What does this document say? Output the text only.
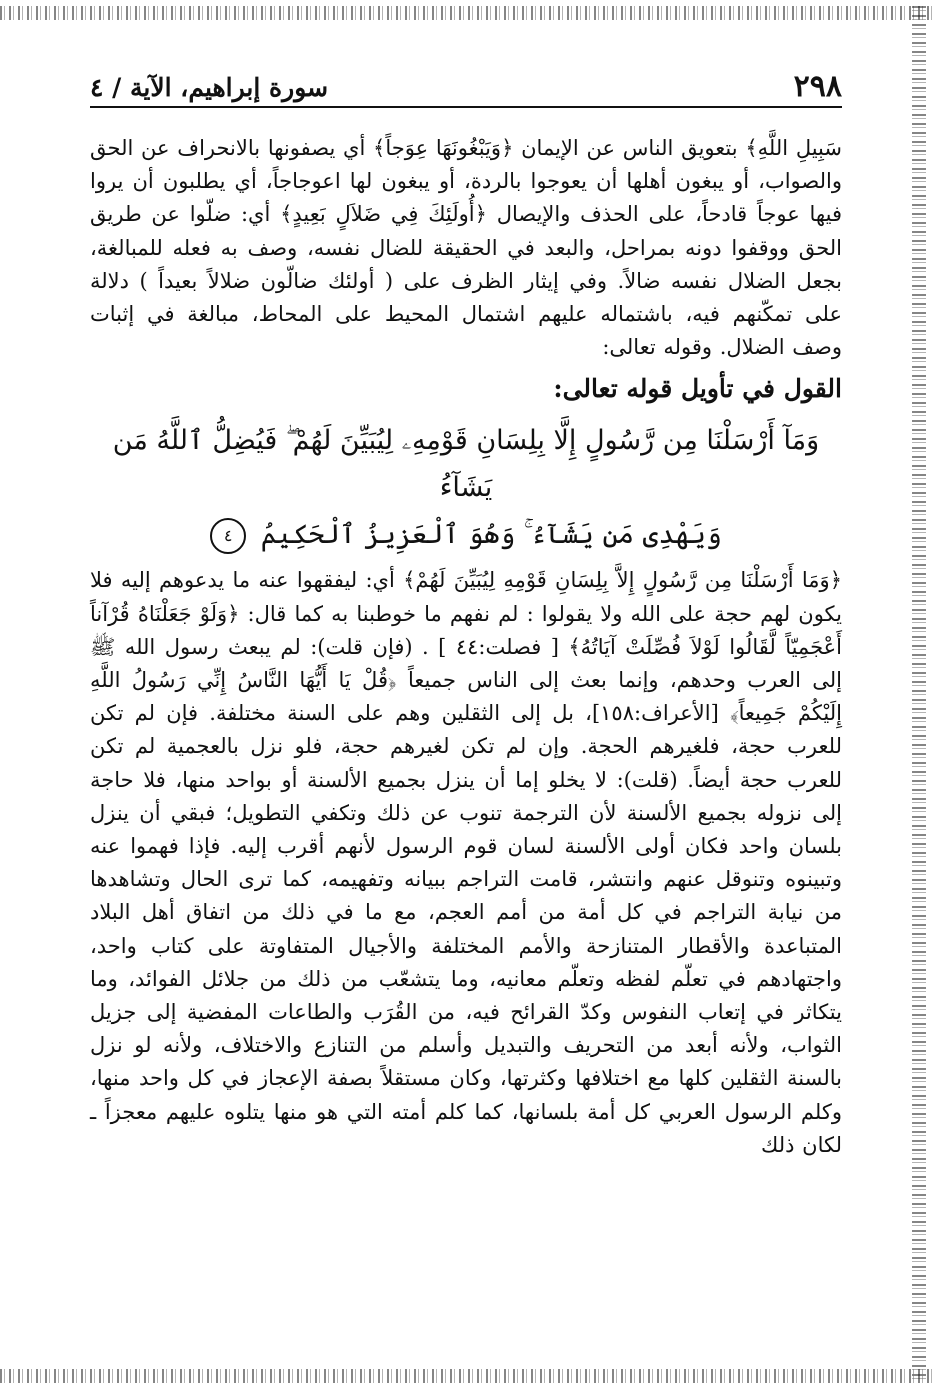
٢٩٨
سورة إبراهيم، الآية / ٤

سَبِيلِ اللَّهِ﴾ بتعويق الناس عن الإيمان ﴿وَيَبْغُونَهَا عِوَجاً﴾ أي يصفونها بالانحراف عن الحق والصواب، أو يبغون أهلها أن يعوجوا بالردة، أو يبغون لها اعوجاجاً، أي يطلبون أن يروا فيها عوجاً قادحاً، على الحذف والإيصال ﴿أُولَئِكَ فِي ضَلاَلٍ بَعِيدٍ﴾ أي: ضلّوا عن طريق الحق ووقفوا دونه بمراحل، والبعد في الحقيقة للضال نفسه، وصف به فعله للمبالغة، بجعل الضلال نفسه ضالاً. وفي إيثار الظرف على ( أولئك ضالّون ضلالاً بعيداً ) دلالة على تمكّنهم فيه، باشتماله عليهم اشتمال المحيط على المحاط، مبالغة في إثبات وصف الضلال. وقوله تعالى:

القول في تأويل قوله تعالى:
وَمَآ أَرْسَلْنَا مِن رَّسُولٍ إِلَّا بِلِسَانِ قَوْمِهِۦ لِيُبَيِّنَ لَهُمْ ۖ فَيُضِلُّ ٱللَّهُ مَن يَشَآءُ
وَيَهْدِى مَن يَشَآءُ ۚ وَهُوَ ٱلْعَزِيزُ ٱلْحَكِيمُ ٤

﴿وَمَا أَرْسَلْنَا مِن رَّسُولٍ إِلاَّ بِلِسَانِ قَوْمِهِ لِيُبَيِّنَ لَهُمْ﴾ أي: ليفقهوا عنه ما يدعوهم إليه فلا يكون لهم حجة على الله ولا يقولوا : لم نفهم ما خوطبنا به كما قال: ﴿وَلَوْ جَعَلْنَاهُ قُرْآناً أَعْجَمِيّاً لَّقَالُوا لَوْلاَ فُصِّلَتْ آيَاتُهُ﴾ [ فصلت:٤٤ ] . (فإن قلت): لم يبعث رسول الله ﷺ إلى العرب وحدهم، وإنما بعث إلى الناس جميعاً ﴿قُلْ يَا أَيُّهَا النَّاسُ إِنِّي رَسُولُ اللَّهِ إِلَيْكُمْ جَمِيعاً﴾ [الأعراف:١٥٨]، بل إلى الثقلين وهم على السنة مختلفة. فإن لم تكن للعرب حجة، فلغيرهم الحجة. وإن لم تكن لغيرهم حجة، فلو نزل بالعجمية لم تكن للعرب حجة أيضاً. (قلت): لا يخلو إما أن ينزل بجميع الألسنة أو بواحد منها، فلا حاجة إلى نزوله بجميع الألسنة لأن الترجمة تنوب عن ذلك وتكفي التطويل؛ فبقي أن ينزل بلسان واحد فكان أولى الألسنة لسان قوم الرسول لأنهم أقرب إليه. فإذا فهموا عنه وتبينوه وتنوقل عنهم وانتشر، قامت التراجم ببيانه وتفهيمه، كما ترى الحال وتشاهدها من نيابة التراجم في كل أمة من أمم العجم، مع ما في ذلك من اتفاق أهل البلاد المتباعدة والأقطار المتنازحة والأمم المختلفة والأجيال المتفاوتة على كتاب واحد، واجتهادهم في تعلّم لفظه وتعلّم معانيه، وما يتشعّب من ذلك من جلائل الفوائد، وما يتكاثر في إتعاب النفوس وكدّ القرائح فيه، من القُرَب والطاعات المفضية إلى جزيل الثواب، ولأنه أبعد من التحريف والتبديل وأسلم من التنازع والاختلاف، ولأنه لو نزل بالسنة الثقلين كلها مع اختلافها وكثرتها، وكان مستقلاً بصفة الإعجاز في كل واحد منها، وكلم الرسول العربي كل أمة بلسانها، كما كلم أمته التي هو منها يتلوه عليهم معجزاً ـ لكان ذلك
